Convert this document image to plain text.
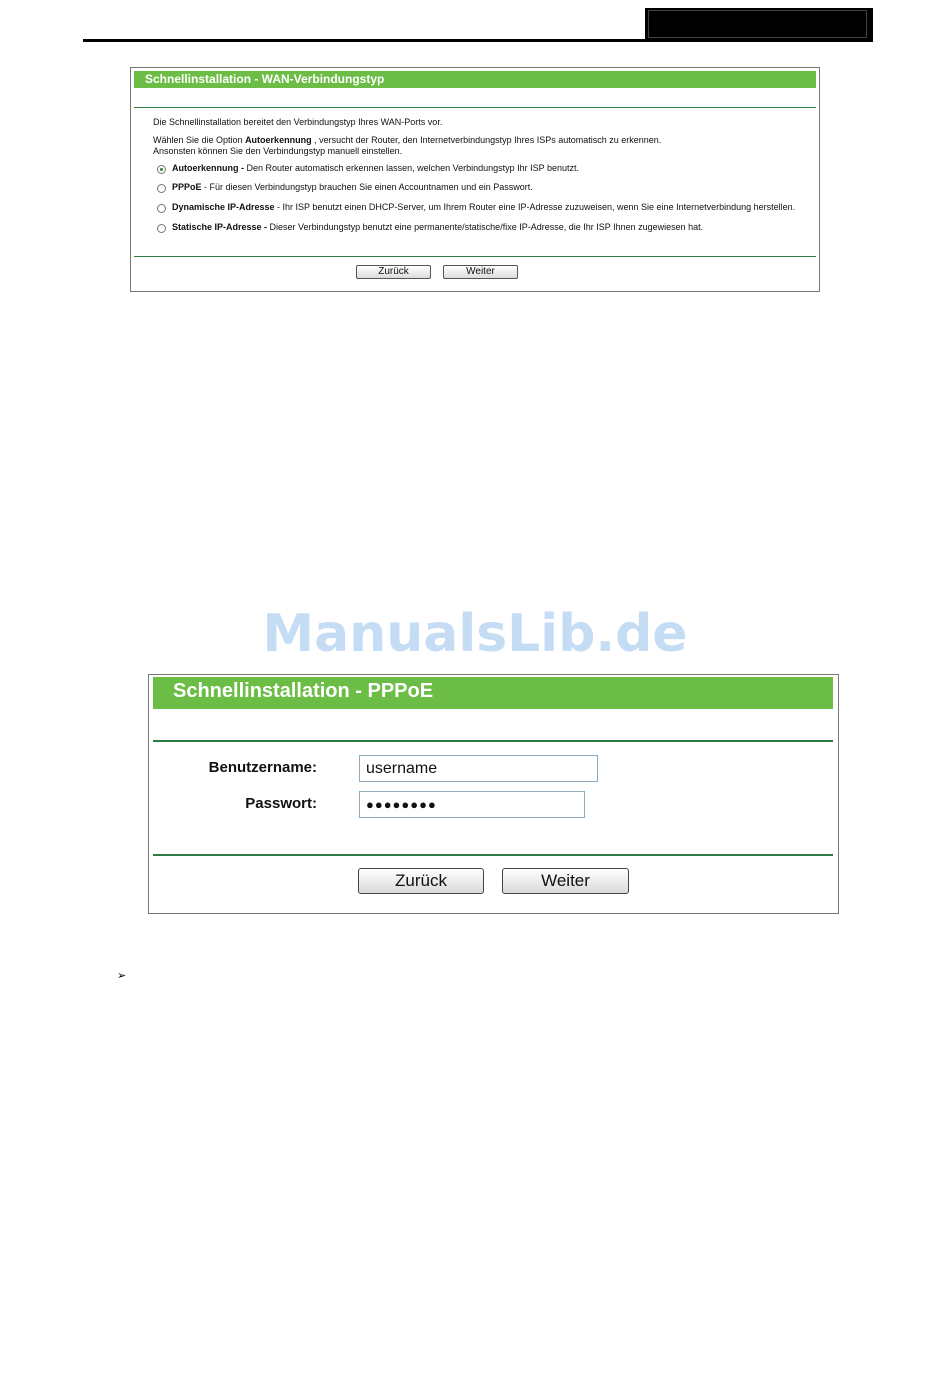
Schnellinstallation - WAN-Verbindungstyp
Die Schnellinstallation bereitet den Verbindungstyp Ihres WAN-Ports vor.
Wählen Sie die Option Autoerkennung , versucht der Router, den Internetverbindungstyp Ihres ISPs automatisch zu erkennen.
Ansonsten können Sie den Verbindungstyp manuell einstellen.
Autoerkennung - Den Router automatisch erkennen lassen, welchen Verbindungstyp Ihr ISP benutzt.
PPPoE - Für diesen Verbindungstyp brauchen Sie einen Accountnamen und ein Passwort.
Dynamische IP-Adresse - Ihr ISP benutzt einen DHCP-Server, um Ihrem Router eine IP-Adresse zuzuweisen, wenn Sie eine Internetverbindung herstellen.
Statische IP-Adresse - Dieser Verbindungstyp benutzt eine permanente/statische/fixe IP-Adresse, die Ihr ISP Ihnen zugewiesen hat.
Zurück	Weiter
ManualsLib.de
Schnellinstallation - PPPoE
Benutzername:	username
Passwort:	●●●●●●●●
Zurück	Weiter
➢
